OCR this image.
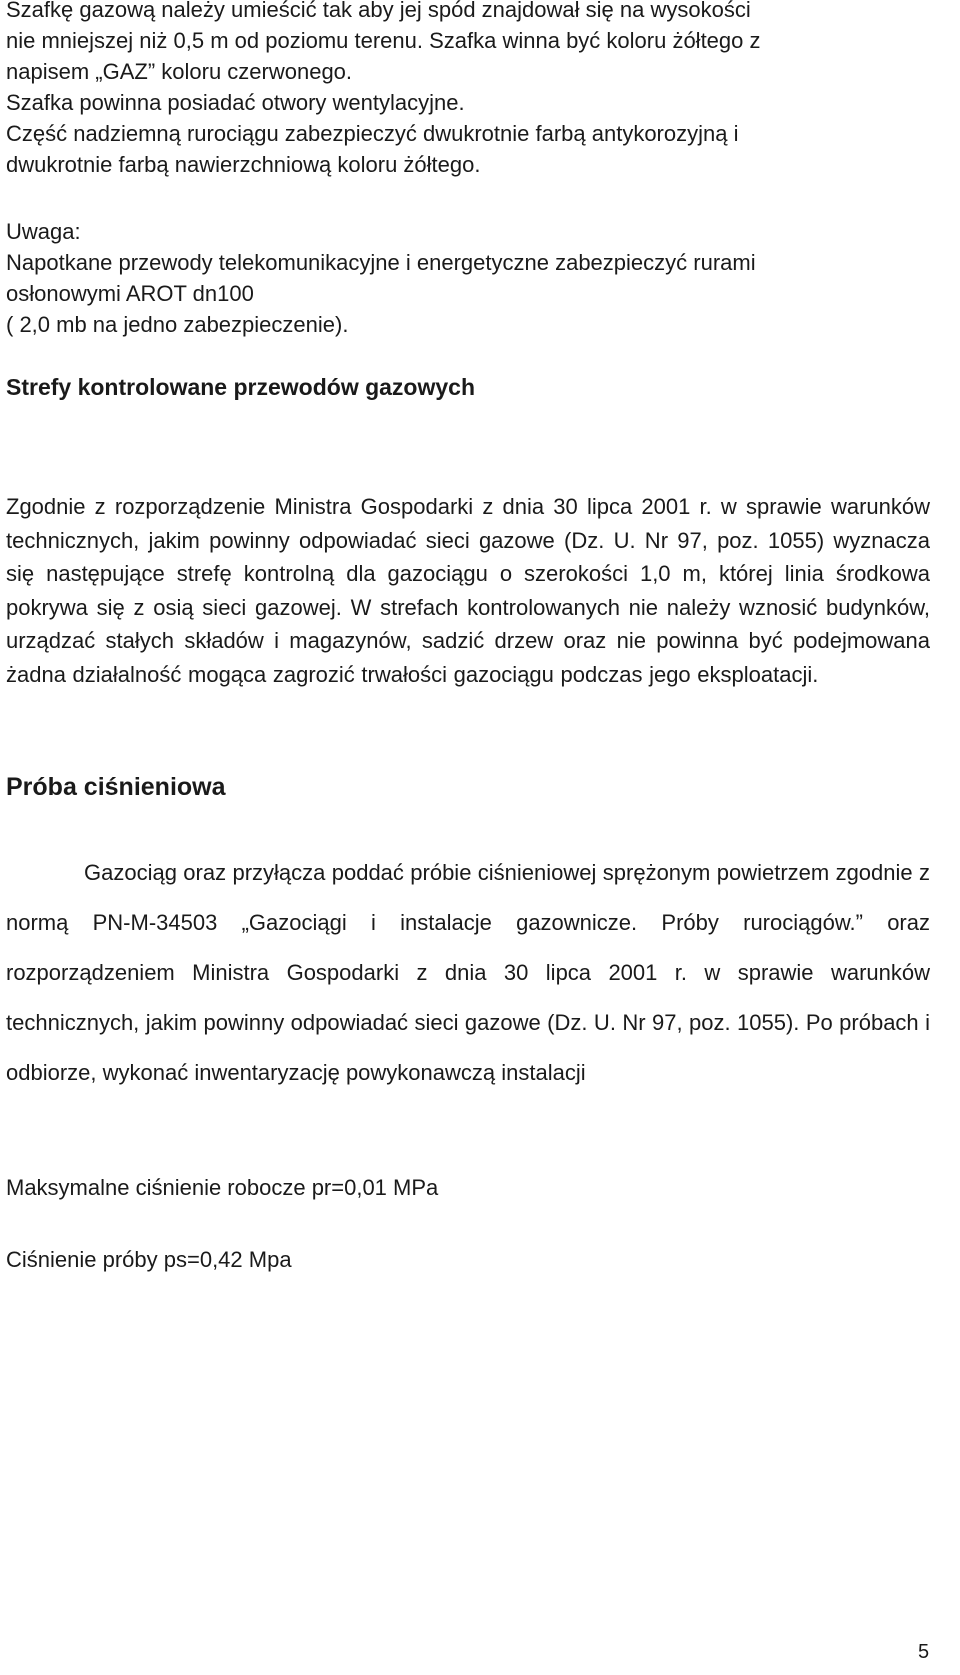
Szafkę gazową należy umieścić tak aby jej spód znajdował się na wysokości
nie mniejszej niż 0,5 m od poziomu terenu. Szafka winna być koloru żółtego z
napisem „GAZ” koloru czerwonego.
Szafka powinna posiadać otwory wentylacyjne.
Część nadziemną rurociągu zabezpieczyć dwukrotnie farbą antykorozyjną i
dwukrotnie farbą nawierzchniową koloru żółtego.

Uwaga:
Napotkane przewody telekomunikacyjne i energetyczne zabezpieczyć rurami
osłonowymi AROT dn100
( 2,0 mb na jedno zabezpieczenie).

Strefy kontrolowane przewodów gazowych

Zgodnie z rozporządzenie Ministra Gospodarki z dnia 30 lipca 2001 r. w sprawie warunków technicznych, jakim powinny odpowiadać sieci gazowe (Dz. U. Nr 97, poz. 1055) wyznacza się następujące strefę kontrolną dla gazociągu o szerokości 1,0 m, której linia środkowa pokrywa się z osią sieci gazowej. W strefach kontrolowanych nie należy wznosić budynków, urządzać stałych składów i magazynów, sadzić drzew oraz nie powinna być podejmowana żadna działalność mogąca zagrozić trwałości gazociągu podczas jego eksploatacji.

Próba ciśnieniowa

Gazociąg oraz przyłącza poddać próbie ciśnieniowej sprężonym powietrzem zgodnie z normą PN-M-34503 „Gazociągi i instalacje gazownicze. Próby rurociągów.” oraz rozporządzeniem Ministra Gospodarki z dnia 30 lipca 2001 r. w sprawie warunków technicznych, jakim powinny odpowiadać sieci gazowe (Dz. U. Nr 97, poz. 1055). Po próbach i odbiorze, wykonać inwentaryzację powykonawczą instalacji

Maksymalne ciśnienie robocze pr=0,01 MPa

Ciśnienie próby ps=0,42 Mpa

5
